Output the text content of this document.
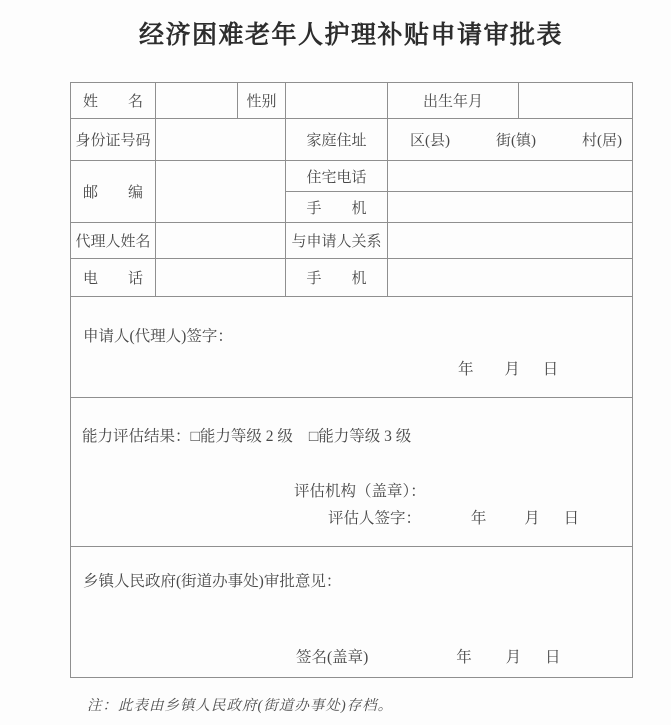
经济困难老年人护理补贴申请审批表
姓　　名		性别		出生年月	
身份证号码			家庭住址	区(县) 街(镇) 村(居)	

邮　　编			住宅电话		
			手　　机		
代理人姓名			与申请人关系		
电　　话			手　　机		

申请人(代理人)签字：
年 月 日					

能力评估结果：□能力等级 2 级 □能力等级 3 级
评估机构（盖章）：
评估人签字： 年 月 日					

乡镇人民政府(街道办事处)审批意见：
签名(盖章) 年 月 日					
注：此表由乡镇人民政府(街道办事处)存档。
